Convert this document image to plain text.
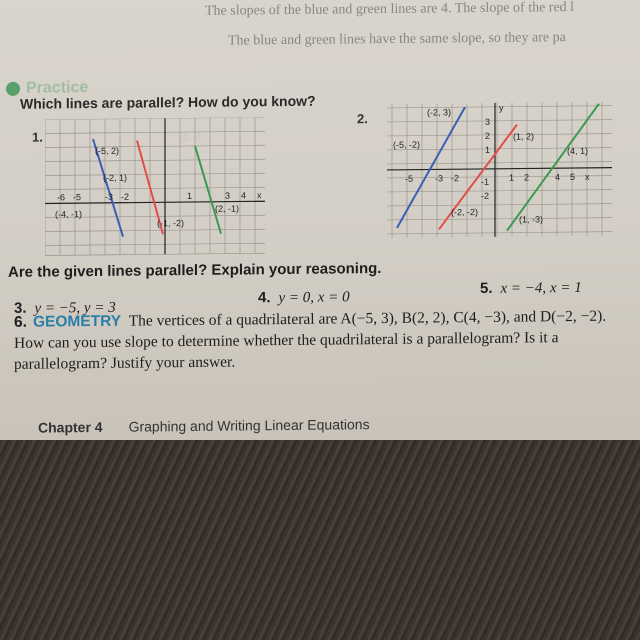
The slopes of the blue and green lines are 4. The slope of the red l
The blue and green lines have the same slope, so they are pa
Practice
Which lines are parallel? How do you know?
1.
2.
(-5, 2)
(-2, 1)
(-4, -1)
(-1, -2)
(2, -1)
(2, 4)
-6 -5	-3 -2	1	3 4 x
(-2, 3)
(-5, -2)
(1, 2)
(4, 1)
(-2, -2)
(1, -3)
-5 -3 -2	1 2	4 5 x
3
2
1
-1
-2
y
Are the given lines parallel? Explain your reasoning.
3. y = −5, y = 3
4. y = 0, x = 0
5. x = −4, x = 1
6. GEOMETRY The vertices of a quadrilateral are A(−5, 3), B(2, 2), C(4, −3), and D(−2, −2). How can you use slope to determine whether the quadrilateral is a parallelogram? Is it a parallelogram? Justify your answer.
Chapter 4 Graphing and Writing Linear Equations
